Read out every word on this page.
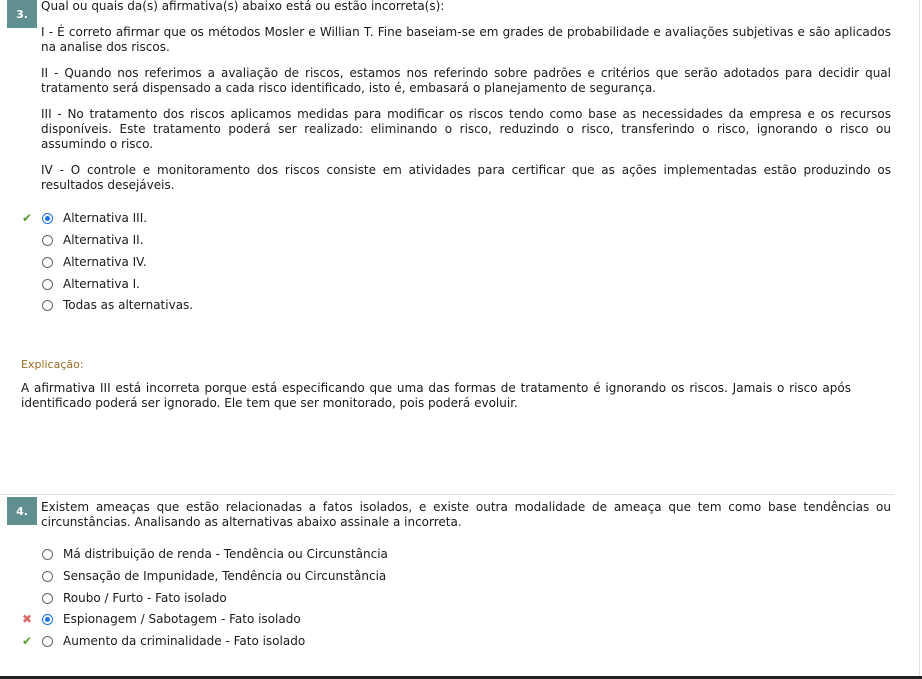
3.
Qual ou quais da(s) afirmativa(s) abaixo está ou estão incorreta(s):
I - É correto afirmar que os métodos Mosler e Willian T. Fine baseiam-se em grades de probabilidade e avaliações subjetivas e são aplicados na analise dos riscos.
II - Quando nos referimos a avaliação de riscos, estamos nos referindo sobre padrões e critérios que serão adotados para decidir qual tratamento será dispensado a cada risco identificado, isto é, embasará o planejamento de segurança.
III - No tratamento dos riscos aplicamos medidas para modificar os riscos tendo como base as necessidades da empresa e os recursos disponíveis. Este tratamento poderá ser realizado: eliminando o risco, reduzindo o risco, transferindo o risco, ignorando o risco ou assumindo o risco.
IV - O controle e monitoramento dos riscos consiste em atividades para certificar que as ações implementadas estão produzindo os resultados desejáveis.
✔	Alternativa III.
Alternativa II.
Alternativa IV.
Alternativa I.
Todas as alternativas.
Explicação:
A afirmativa III está incorreta porque está especificando que uma das formas de tratamento é ignorando os riscos. Jamais o risco após identificado poderá ser ignorado. Ele tem que ser monitorado, pois poderá evoluir.
4. Existem ameaças que estão relacionadas a fatos isolados, e existe outra modalidade de ameaça que tem como base tendências ou circunstâncias. Analisando as alternativas abaixo assinale a incorreta.
Má distribuição de renda - Tendência ou Circunstância
Sensação de Impunidade, Tendência ou Circunstância
Roubo / Furto - Fato isolado
✖	Espionagem / Sabotagem - Fato isolado
✔	Aumento da criminalidade - Fato isolado
